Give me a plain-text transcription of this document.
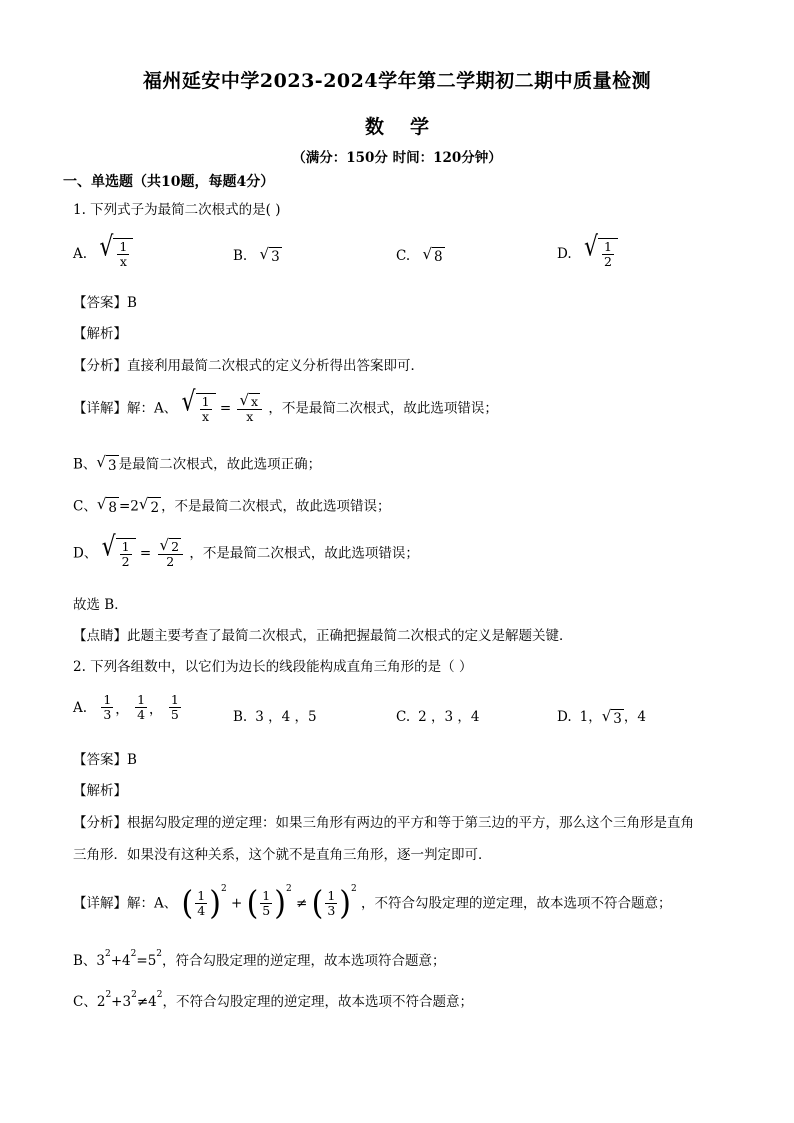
福州延安中学2023-2024学年第二学期初二期中质量检测
数学
（满分：150分 时间：120分钟）
一、单选题（共10题，每题4分）
1. 下列式子为最简二次根式的是( )
A. √ $\frac{1}{x}$	B. √ 3	C. √ 8	D. √ $\frac{1}{2}$
【答案】B
【解析】
【分析】直接利用最简二次根式的定义分析得出答案即可．
【详解】解：A、 √ $\frac{1}{x} = \frac{√ x}{x}$ ，不是最简二次根式，故此选项错误；
B、 √ 3 是最简二次根式，故此选项正确；
C、 √ 8 =2 √ 2 ，不是最简二次根式，故此选项错误；
D、 √ $\frac{1}{2} = \frac{√ 2}{2}$ ，不是最简二次根式，故此选项错误；
故选 B．
【点睛】此题主要考查了最简二次根式，正确把握最简二次根式的定义是解题关键．
2. 下列各组数中，以它们为边长的线段能构成直角三角形的是（ ）
A. $\frac{1}{3}$ ， $\frac{1}{4}$ ， $\frac{1}{5}$	B. 3 ，4 ，5	C. 2 ，3 ，4	D. 1， √ 3 ，4
【答案】B
【解析】
【分析】根据勾股定理的逆定理：如果三角形有两边的平方和等于第三边的平方，那么这个三角形是直角
三角形．如果没有这种关系，这个就不是直角三角形，逐一判定即可．
【详解】解：A、 ( $\frac{1}{4} )^2$ + ( $\frac{1}{5} )^2$ ≠ ( $\frac{1}{3} )^2$ ，不符合勾股定理的逆定理，故本选项不符合题意；
B、$3^2+4^2=5^2$，符合勾股定理的逆定理，故本选项符合题意；
C、$2^2+3^2\ne 4^2$，不符合勾股定理的逆定理，故本选项不符合题意；
